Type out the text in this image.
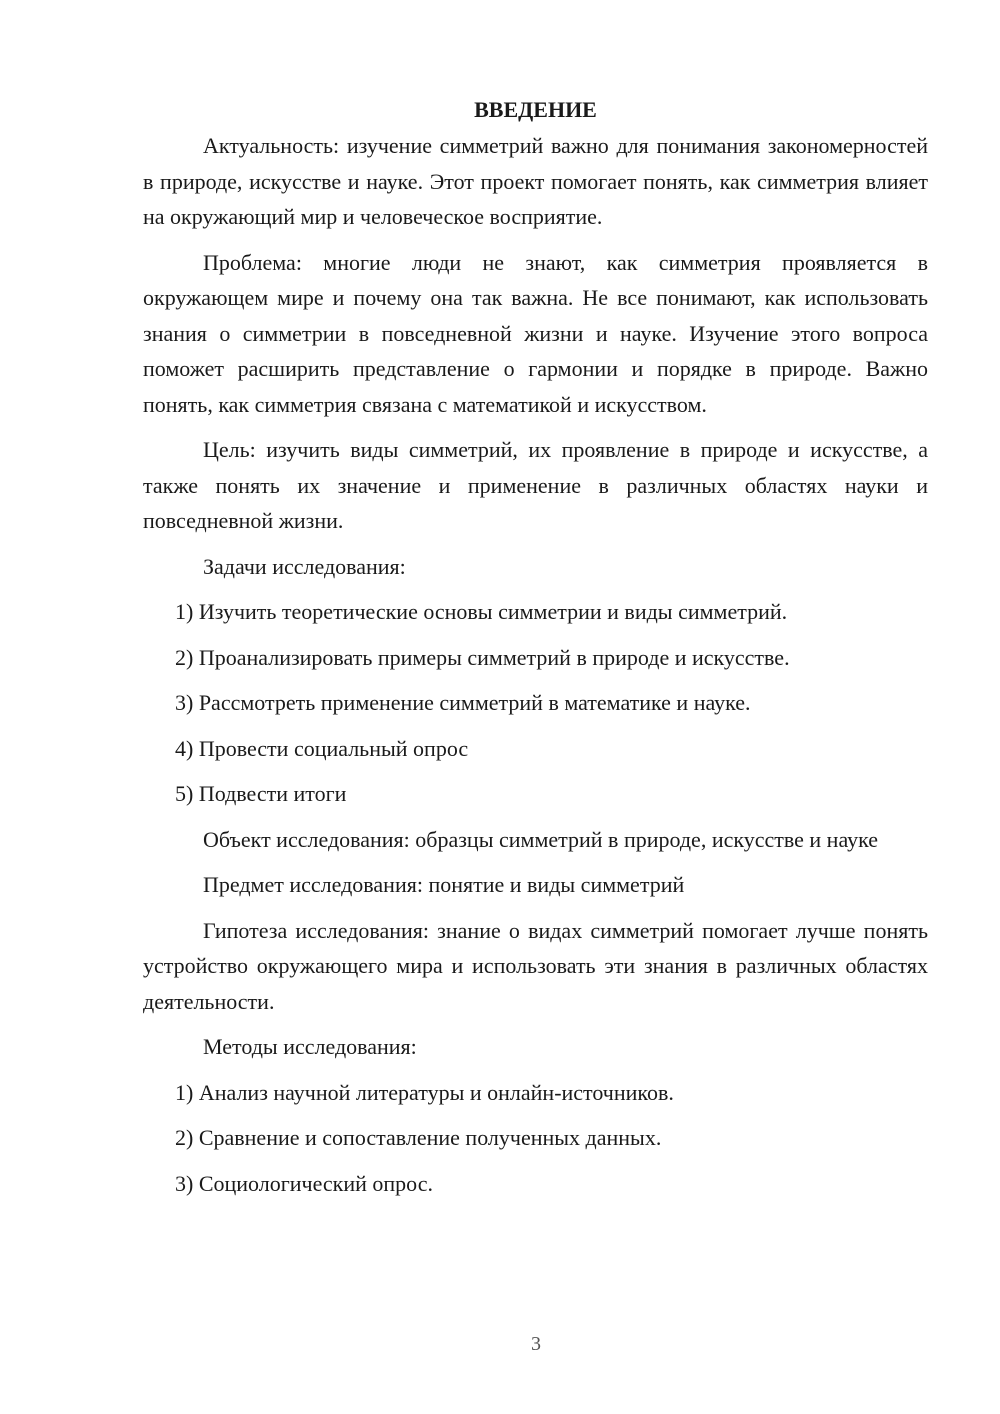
ВВЕДЕНИЕ

Актуальность: изучение симметрий важно для понимания закономерностей в природе, искусстве и науке. Этот проект помогает понять, как симметрия влияет на окружающий мир и человеческое восприятие.

Проблема: многие люди не знают, как симметрия проявляется в окружающем мире и почему она так важна. Не все понимают, как использовать знания о симметрии в повседневной жизни и науке. Изучение этого вопроса поможет расширить представление о гармонии и порядке в природе. Важно понять, как симметрия связана с математикой и искусством.

Цель: изучить виды симметрий, их проявление в природе и искусстве, а также понять их значение и применение в различных областях науки и повседневной жизни.

Задачи исследования:

1) Изучить теоретические основы симметрии и виды симметрий.

2) Проанализировать примеры симметрий в природе и искусстве.

3) Рассмотреть применение симметрий в математике и науке.

4) Провести социальный опрос

5) Подвести итоги

Объект исследования: образцы симметрий в природе, искусстве и науке

Предмет исследования: понятие и виды симметрий

Гипотеза исследования: знание о видах симметрий помогает лучше понять устройство окружающего мира и использовать эти знания в различных областях деятельности.

Методы исследования:

1) Анализ научной литературы и онлайн-источников.

2) Сравнение и сопоставление полученных данных.

3) Социологический опрос.

3
